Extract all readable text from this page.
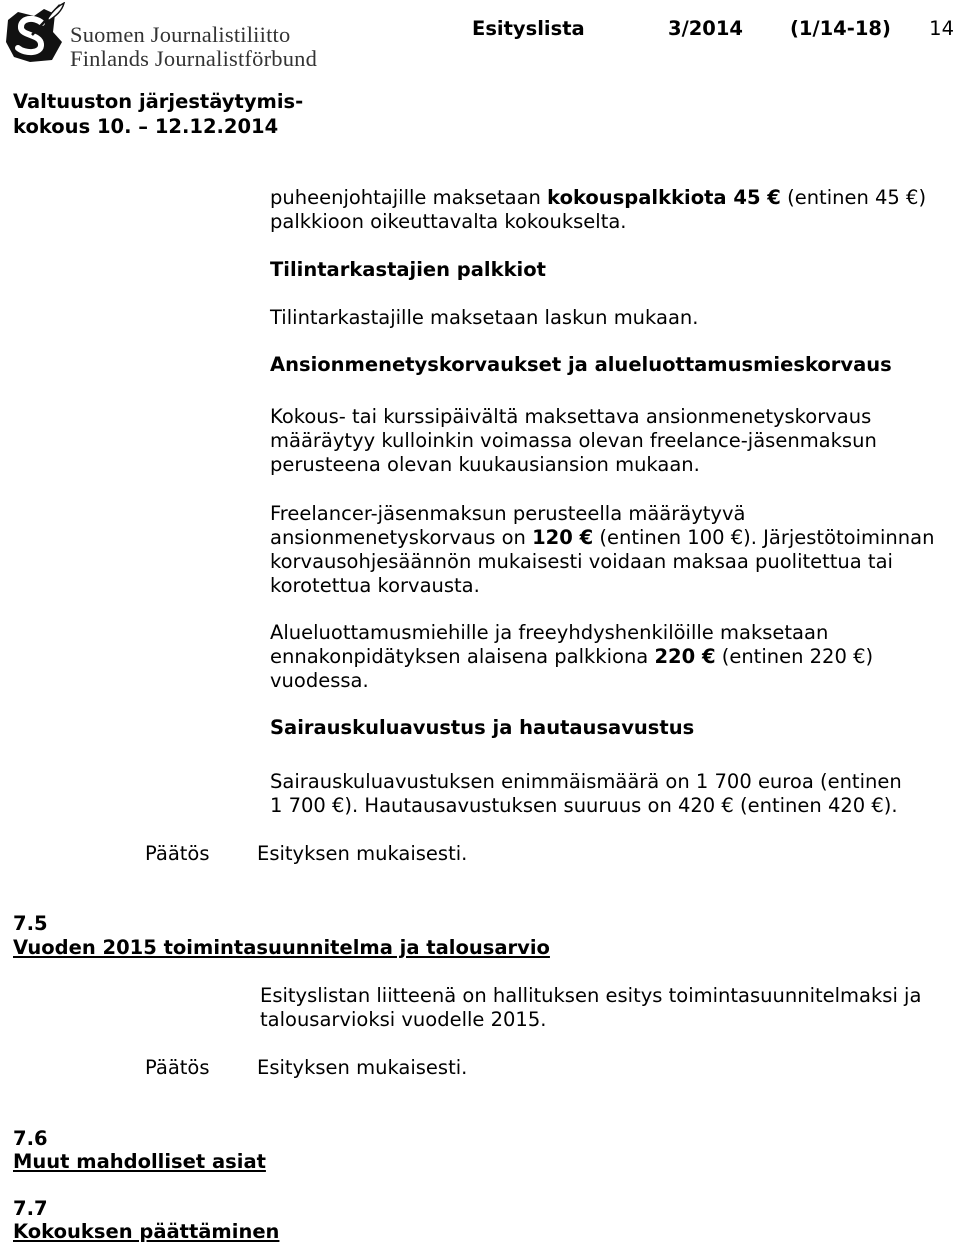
Suomen Journalistiliitto
Finlands Journalistförbund
Esityslista	3/2014 (1/14-18) 14
Valtuuston järjestäytymis-
kokous 10. – 12.12.2014
puheenjohtajille maksetaan kokouspalkkiota 45 € (entinen 45 €)
palkkioon oikeuttavalta kokoukselta.
Tilintarkastajien palkkiot
Tilintarkastajille maksetaan laskun mukaan.
Ansionmenetyskorvaukset ja alueluottamusmieskorvaus
Kokous- tai kurssipäivältä maksettava ansionmenetyskorvaus
määräytyy kulloinkin voimassa olevan freelance-jäsenmaksun
perusteena olevan kuukausiansion mukaan.
Freelancer-jäsenmaksun perusteella määräytyvä
ansionmenetyskorvaus on 120 € (entinen 100 €). Järjestötoiminnan
korvausohjesäännön mukaisesti voidaan maksaa puolitettua tai
korotettua korvausta.
Alueluottamusmiehille ja freeyhdyshenkilöille maksetaan
ennakonpidätyksen alaisena palkkiona 220 € (entinen 220 €)
vuodessa.
Sairauskuluavustus ja hautausavustus
Sairauskuluavustuksen enimmäismäärä on 1 700 euroa (entinen
1 700 €). Hautausavustuksen suuruus on 420 € (entinen 420 €).
Päätös Esityksen mukaisesti.
7.5
Vuoden 2015 toimintasuunnitelma ja talousarvio
Esityslistan liitteenä on hallituksen esitys toimintasuunnitelmaksi ja
talousarvioksi vuodelle 2015.
Päätös Esityksen mukaisesti.
7.6
Muut mahdolliset asiat
7.7
Kokouksen päättäminen
